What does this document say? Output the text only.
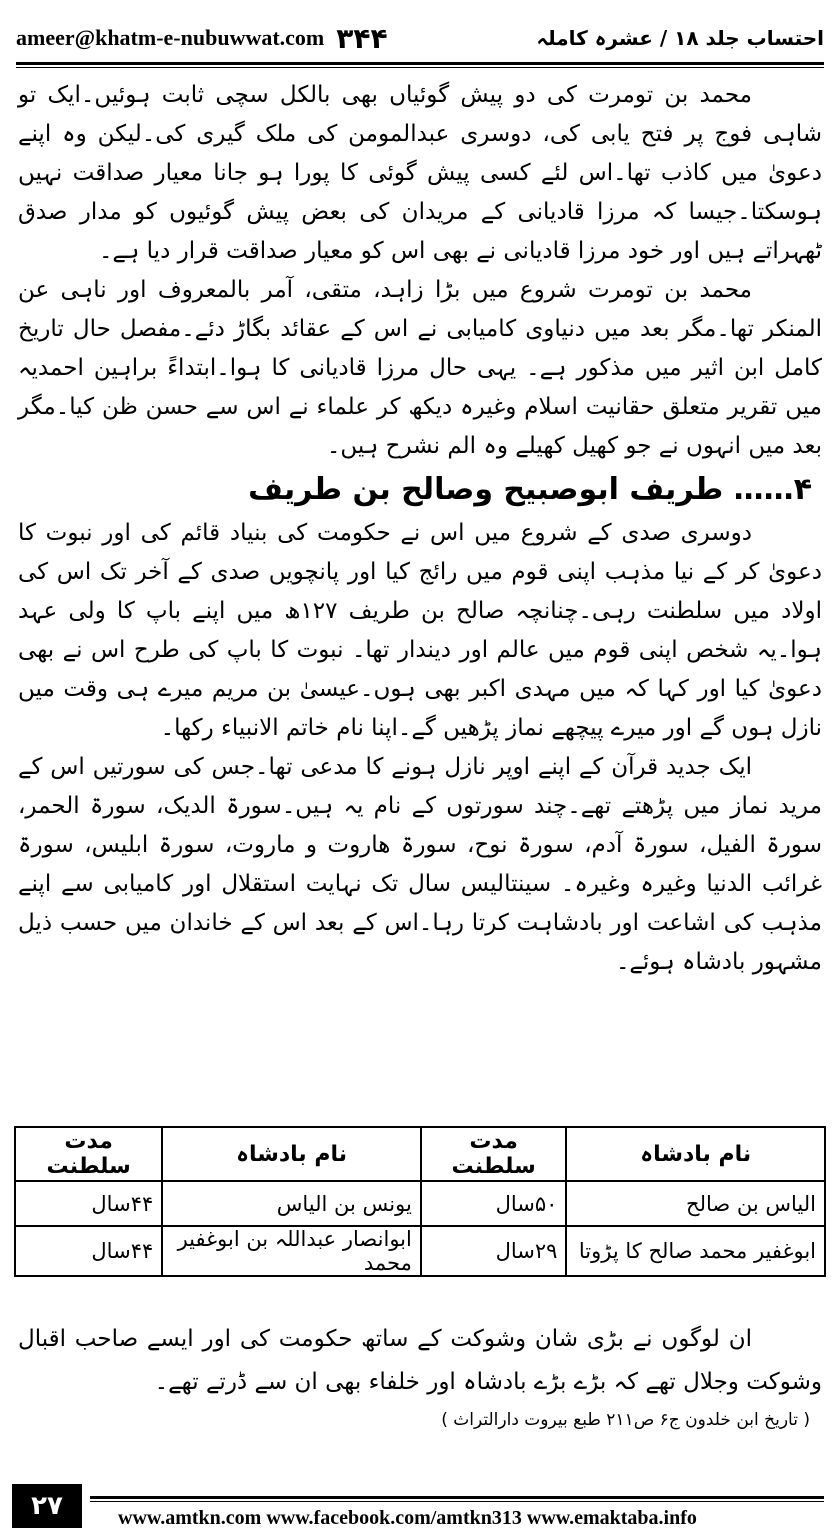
ameer@khatm-e-nubuwwat.com ۳۴۴	احتساب جلد ۱۸ / عشرہ کاملہ

محمد بن تومرت کی دو پیش گوئیاں بھی بالکل سچی ثابت ہوئیں۔ایک تو شاہی فوج پر فتح یابی کی، دوسری عبدالمومن کی ملک گیری کی۔لیکن وہ اپنے دعویٰ میں کاذب تھا۔اس لئے کسی پیش گوئی کا پورا ہو جانا معیار صداقت نہیں ہوسکتا۔جیسا کہ مرزا قادیانی کے مریدان کی بعض پیش گوئیوں کو مدار صدق ٹھہراتے ہیں اور خود مرزا قادیانی نے بھی اس کو معیار صداقت قرار دیا ہے۔

محمد بن تومرت شروع میں بڑا زاہد، متقی، آمر بالمعروف اور ناہی عن المنکر تھا۔مگر بعد میں دنیاوی کامیابی نے اس کے عقائد بگاڑ دئے۔مفصل حال تاریخ کامل ابن اثیر میں مذکور ہے۔ یہی حال مرزا قادیانی کا ہوا۔ابتداءً براہین احمدیہ میں تقریر متعلق حقانیت اسلام وغیرہ دیکھ کر علماء نے اس سے حسن ظن کیا۔مگر بعد میں انہوں نے جو کھیل کھیلے وہ الم نشرح ہیں۔

۴…… طریف ابوصبیح وصالح بن طریف

دوسری صدی کے شروع میں اس نے حکومت کی بنیاد قائم کی اور نبوت کا دعویٰ کر کے نیا مذہب اپنی قوم میں رائج کیا اور پانچویں صدی کے آخر تک اس کی اولاد میں سلطنت رہی۔چنانچہ صالح بن طریف ۱۲۷ھ میں اپنے باپ کا ولی عہد ہوا۔یہ شخص اپنی قوم میں عالم اور دیندار تھا۔ نبوت کا باپ کی طرح اس نے بھی دعویٰ کیا اور کہا کہ میں مہدی اکبر بھی ہوں۔عیسیٰ بن مریم میرے ہی وقت میں نازل ہوں گے اور میرے پیچھے نماز پڑھیں گے۔اپنا نام خاتم الانبیاء رکھا۔

ایک جدید قرآن کے اپنے اوپر نازل ہونے کا مدعی تھا۔جس کی سورتیں اس کے مرید نماز میں پڑھتے تھے۔چند سورتوں کے نام یہ ہیں۔سورۃ الدیک، سورۃ الحمر، سورۃ الفیل، سورۃ آدم، سورۃ نوح، سورۃ ھاروت و ماروت، سورۃ ابلیس، سورۃ غرائب الدنیا وغیرہ وغیرہ۔ سینتالیس سال تک نہایت استقلال اور کامیابی سے اپنے مذہب کی اشاعت اور بادشاہت کرتا رہا۔اس کے بعد اس کے خاندان میں حسب ذیل مشہور بادشاہ ہوئے۔

نام بادشاہ	مدت سلطنت	نام بادشاہ	مدت سلطنت
الیاس بن صالح	۵۰سال	یونس بن الیاس	۴۴سال
ابوغفیر محمد صالح کا پڑوتا	۲۹سال	ابوانصار عبداللہ بن ابوغفیر محمد	۴۴سال

ان لوگوں نے بڑی شان وشوکت کے ساتھ حکومت کی اور ایسے صاحب اقبال وشوکت وجلال تھے کہ بڑے بڑے بادشاہ اور خلفاء بھی ان سے ڈرتے تھے۔

( تاریخ ابن خلدون ج۶ ص۲۱۱ طبع بیروت دارالتراث )
۲۷	www.amtkn.com www.facebook.com/amtkn313 www.emaktaba.info
